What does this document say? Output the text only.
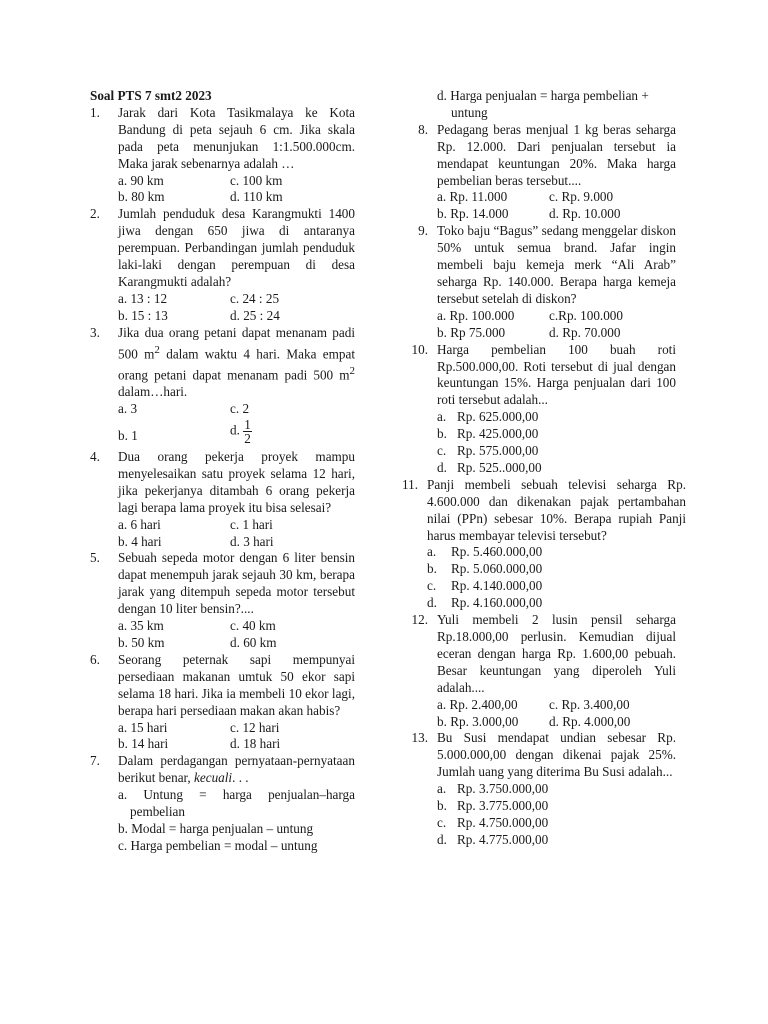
Soal PTS 7 smt2 2023
1. Jarak dari Kota Tasikmalaya ke Kota Bandung di peta sejauh 6 cm. Jika skala pada peta menunjukan 1:1.500.000cm. Maka jarak sebenarnya adalah …
a. 90 km	c. 100 km
b. 80 km	d. 110 km
2. Jumlah penduduk desa Karangmukti 1400 jiwa dengan 650 jiwa di antaranya perempuan. Perbandingan jumlah penduduk laki-laki dengan perempuan di desa Karangmukti adalah?
a. 13 : 12	c. 24 : 25
b. 15 : 13	d. 25 : 24
3. Jika dua orang petani dapat menanam padi 500 $m^2$ dalam waktu 4 hari. Maka empat orang petani dapat menanam padi 500 $m^2$ dalam…hari.
a. 3	c. 2
b. 1	d. $\frac{1}{2}$
4. Dua orang pekerja proyek mampu menyelesaikan satu proyek selama 12 hari, jika pekerjanya ditambah 6 orang pekerja lagi berapa lama proyek itu bisa selesai?
a. 6 hari	c. 1 hari
b. 4 hari	d. 3 hari
5. Sebuah sepeda motor dengan 6 liter bensin dapat menempuh jarak sejauh 30 km, berapa jarak yang ditempuh sepeda motor tersebut dengan 10 liter bensin?....
a. 35 km	c. 40 km
b. 50 km	d. 60 km
6. Seorang peternak sapi mempunyai persediaan makanan umtuk 50 ekor sapi selama 18 hari. Jika ia membeli 10 ekor lagi, berapa hari persediaan makan akan habis?
a. 15 hari	c. 12 hari
b. 14 hari	d. 18 hari
7. Dalam perdagangan pernyataan-pernyataan berikut benar, kecuali. . .
a. Untung = harga penjualan–harga pembelian
b. Modal = harga penjualan – untung
c. Harga pembelian = modal – untung
d. Harga penjualan = harga pembelian + untung
8. Pedagang beras menjual 1 kg beras seharga Rp. 12.000. Dari penjualan tersebut ia mendapat keuntungan 20%. Maka harga pembelian beras tersebut....
a. Rp. 11.000	c. Rp. 9.000
b. Rp. 14.000	d. Rp. 10.000
9. Toko baju “Bagus” sedang menggelar diskon 50% untuk semua brand. Jafar ingin membeli baju kemeja merk “Ali Arab” seharga Rp. 140.000. Berapa harga kemeja tersebut setelah di diskon?
a. Rp. 100.000	c.Rp. 100.000
b. Rp 75.000	d. Rp. 70.000
10. Harga pembelian 100 buah roti Rp.500.000,00. Roti tersebut di jual dengan keuntungan 15%. Harga penjualan dari 100 roti tersebut adalah...
a. Rp. 625.000,00
b. Rp. 425.000,00
c. Rp. 575.000,00
d. Rp. 525..000,00
11. Panji membeli sebuah televisi seharga Rp. 4.600.000 dan dikenakan pajak pertambahan nilai (PPn) sebesar 10%. Berapa rupiah Panji harus membayar televisi tersebut?
a. Rp. 5.460.000,00
b. Rp. 5.060.000,00
c. Rp. 4.140.000,00
d. Rp. 4.160.000,00
12. Yuli membeli 2 lusin pensil seharga Rp.18.000,00 perlusin. Kemudian dijual eceran dengan harga Rp. 1.600,00 pebuah. Besar keuntungan yang diperoleh Yuli adalah....
a. Rp. 2.400,00	c. Rp. 3.400,00
b. Rp. 3.000,00	d. Rp. 4.000,00
13. Bu Susi mendapat undian sebesar Rp. 5.000.000,00 dengan dikenai pajak 25%. Jumlah uang yang diterima Bu Susi adalah...
a. Rp. 3.750.000,00
b. Rp. 3.775.000,00
c. Rp. 4.750.000,00
d. Rp. 4.775.000,00
